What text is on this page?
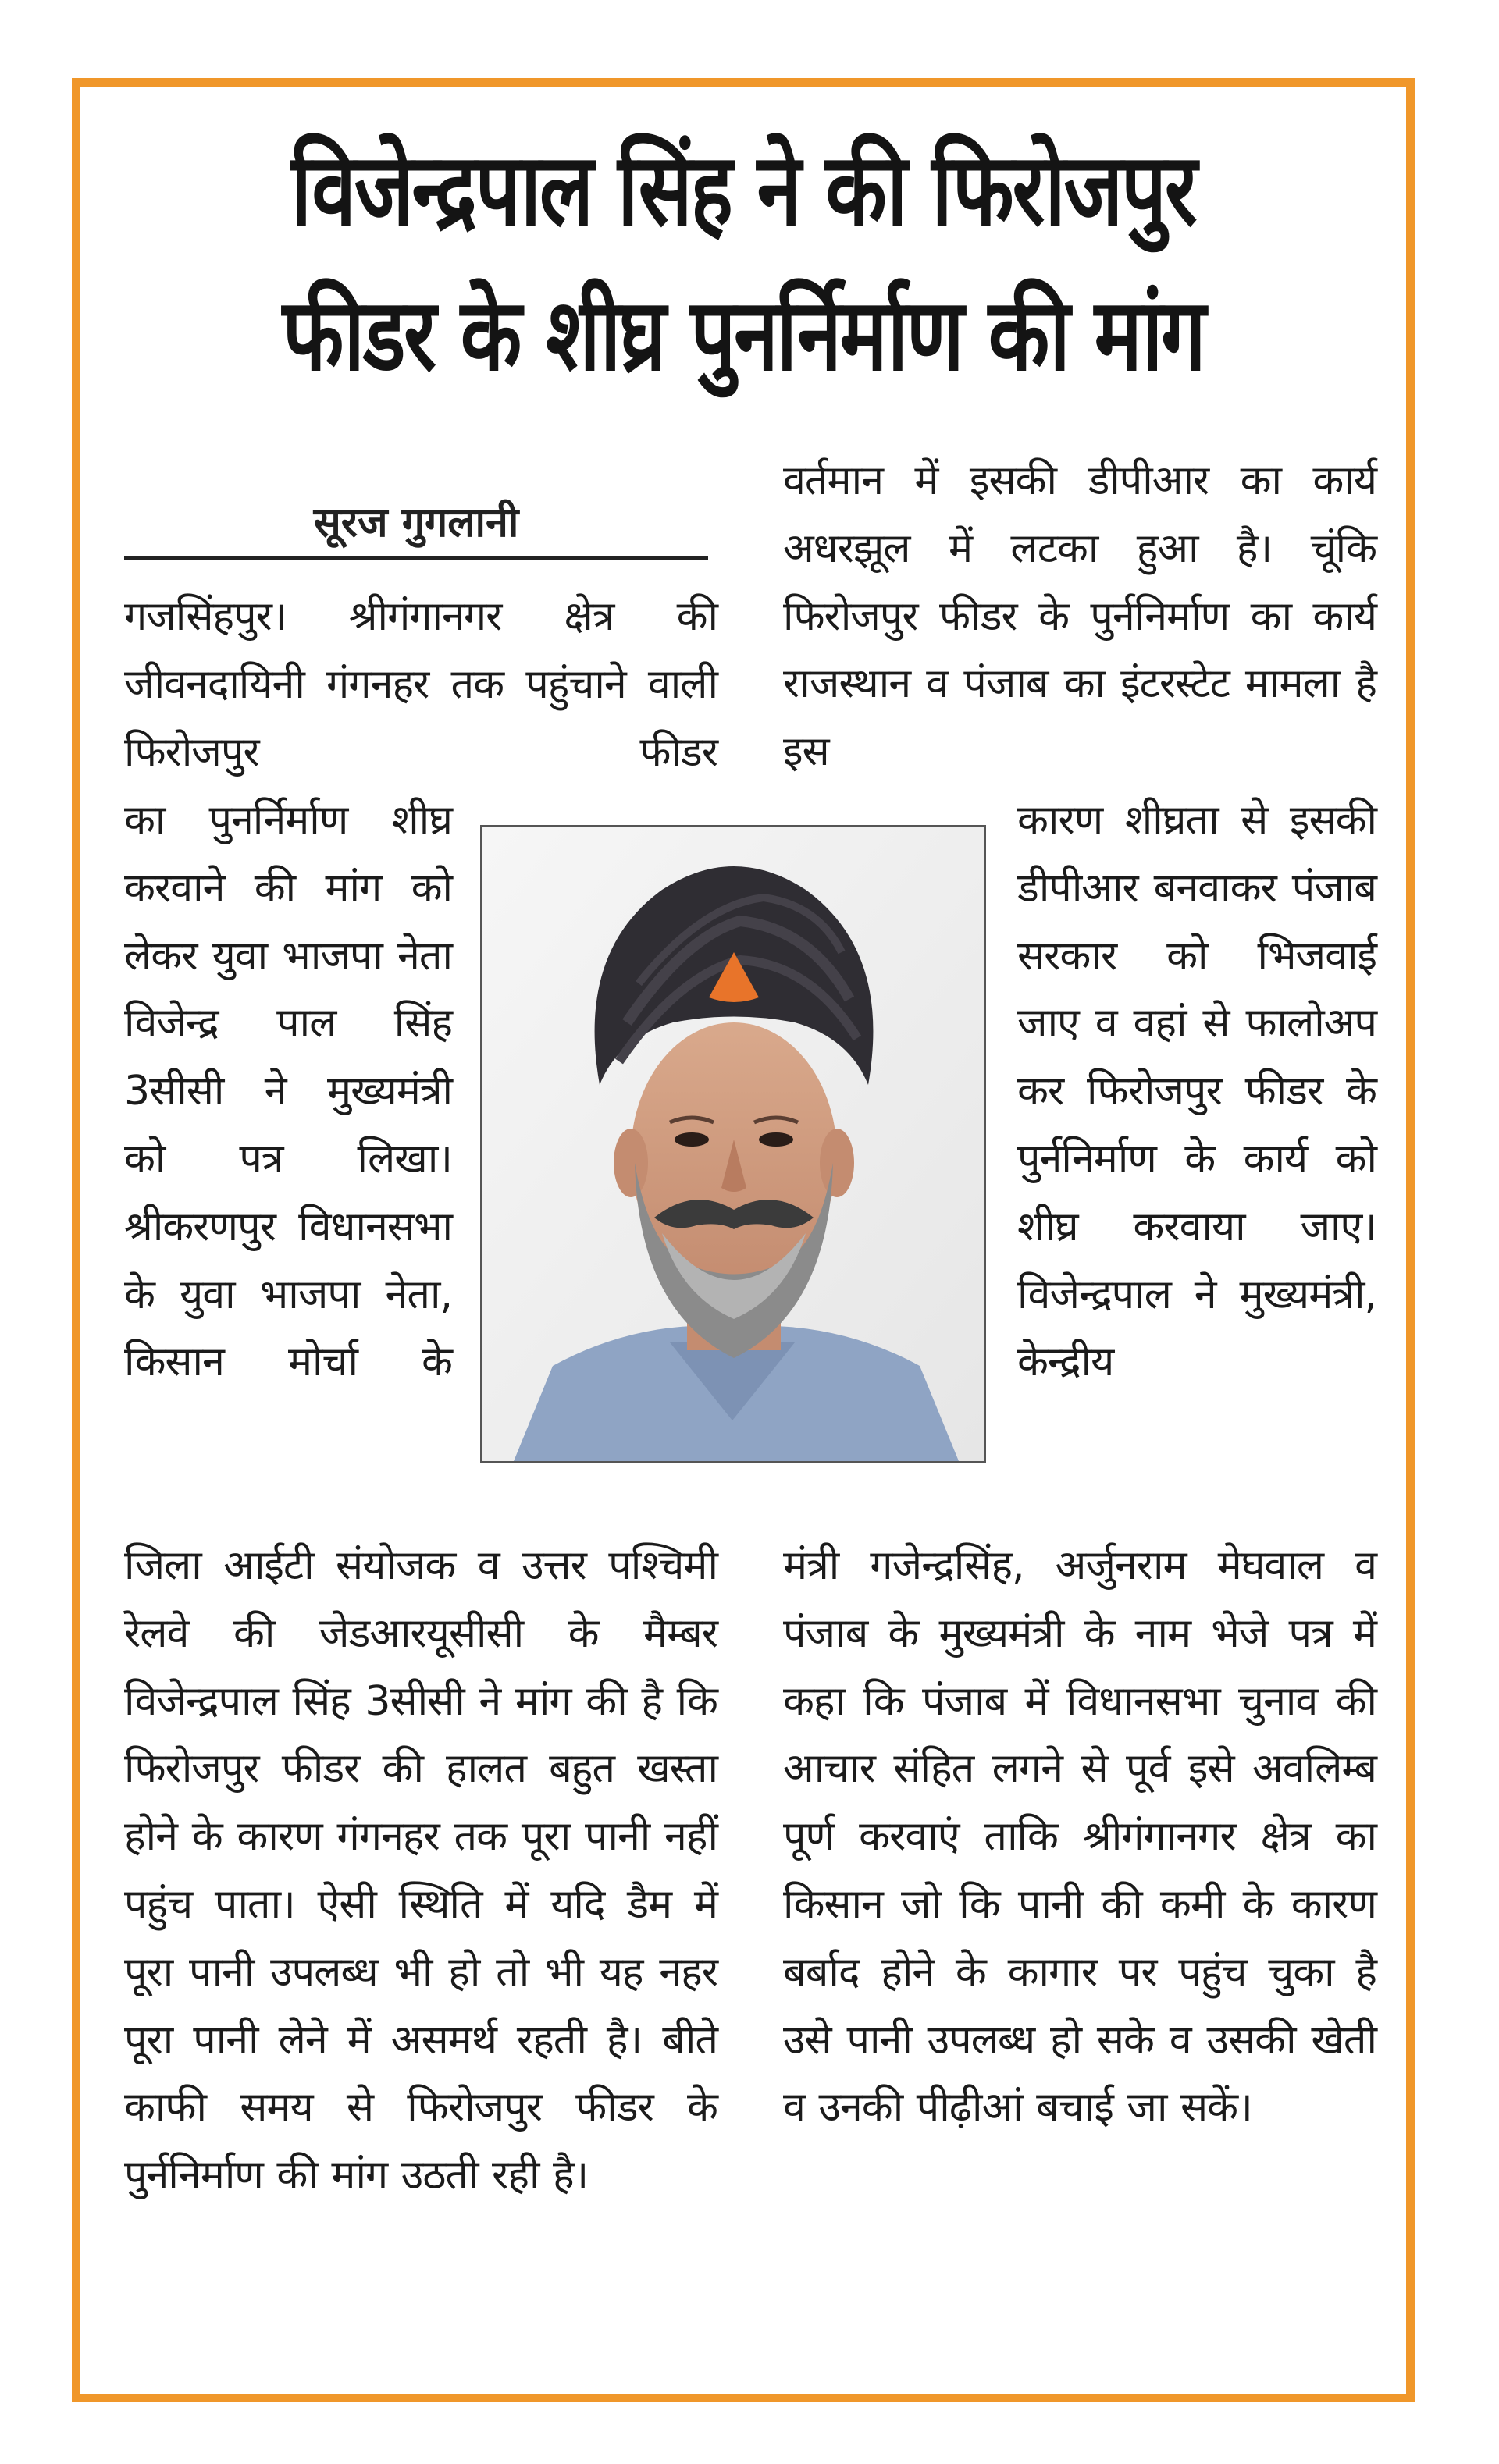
विजेन्द्रपाल सिंह ने की फिरोजपुर
फीडर के शीघ्र पुनर्निर्माण की मांग
सूरज गुगलानी

गजसिंहपुर। श्रीगंगानगर क्षेत्र की जीवनदायिनी गंगनहर तक पहुंचाने वाली फिरोजपुर फीडर

का पुनर्निर्माण शीघ्र करवाने की मांग को लेकर युवा भाजपा नेता विजेन्द्र पाल सिंह 3सीसी ने मुख्यमंत्री को पत्र लिखा।श्रीकरणपुर विधानसभा के युवा भाजपा नेता, किसान मोर्चा के

जिला आईटी संयोजक व उत्तर पश्चिमी रेलवे की जेडआरयूसीसी के मैम्बर विजेन्द्रपाल सिंह 3सीसी ने मांग की है कि फिरोजपुर फीडर की हालत बहुत खस्ता होने के कारण गंगनहर तक पूरा पानी नहीं पहुंच पाता। ऐसी स्थिति में यदि डैम में पूरा पानी उपलब्ध भी हो तो भी यह नहर पूरा पानी लेने में असमर्थ रहती है। बीते काफी समय से फिरोजपुर फीडर के पुर्ननिर्माण की मांग उठती रही है।

वर्तमान में इसकी डीपीआर का कार्य अधरझूल में लटका हुआ है। चूंकि फिरोजपुर फीडर के पुर्ननिर्माण का कार्य राजस्थान व पंजाब का इंटरस्टेट मामला है इस

कारण शीघ्रता से इसकी डीपीआर बनवाकर पंजाब सरकार को भिजवाई जाए व वहां से फालोअप कर फिरोजपुर फीडर के पुर्ननिर्माण के कार्य को शीघ्र करवाया जाए। विजेन्द्रपाल ने मुख्यमंत्री, केन्द्रीय

मंत्री गजेन्द्रसिंह, अर्जुनराम मेघवाल व पंजाब के मुख्यमंत्री के नाम भेजे पत्र में कहा कि पंजाब में विधानसभा चुनाव की आचार संहित लगने से पूर्व इसे अवलिम्ब पूर्ण करवाएं ताकि श्रीगंगानगर क्षेत्र का किसान जो कि पानी की कमी के कारण बर्बाद होने के कागार पर पहुंच चुका है उसे पानी उपलब्ध हो सके व उसकी खेती व उनकी पीढ़ीआं बचाई जा सकें।
